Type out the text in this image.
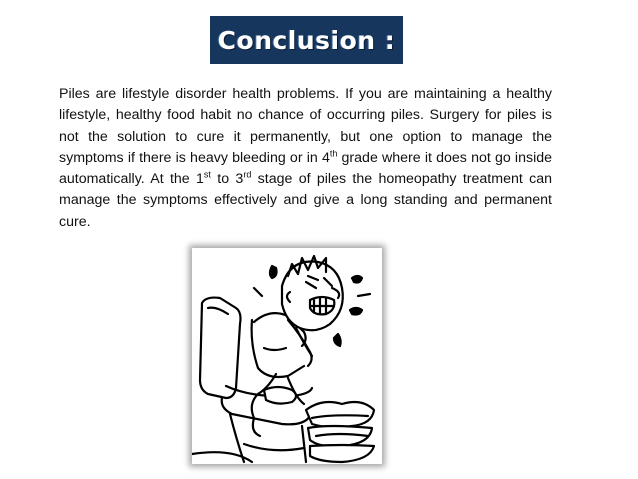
Conclusion :

Piles are lifestyle disorder health problems. If you are maintaining a healthy lifestyle, healthy food habit no chance of occurring piles. Surgery for piles is not the solution to cure it permanently, but one option to manage the symptoms if there is heavy bleeding or in 4th grade where it does not go inside automatically. At the 1st to 3rd stage of piles the homeopathy treatment can manage the symptoms effectively and give a long standing and permanent cure.
